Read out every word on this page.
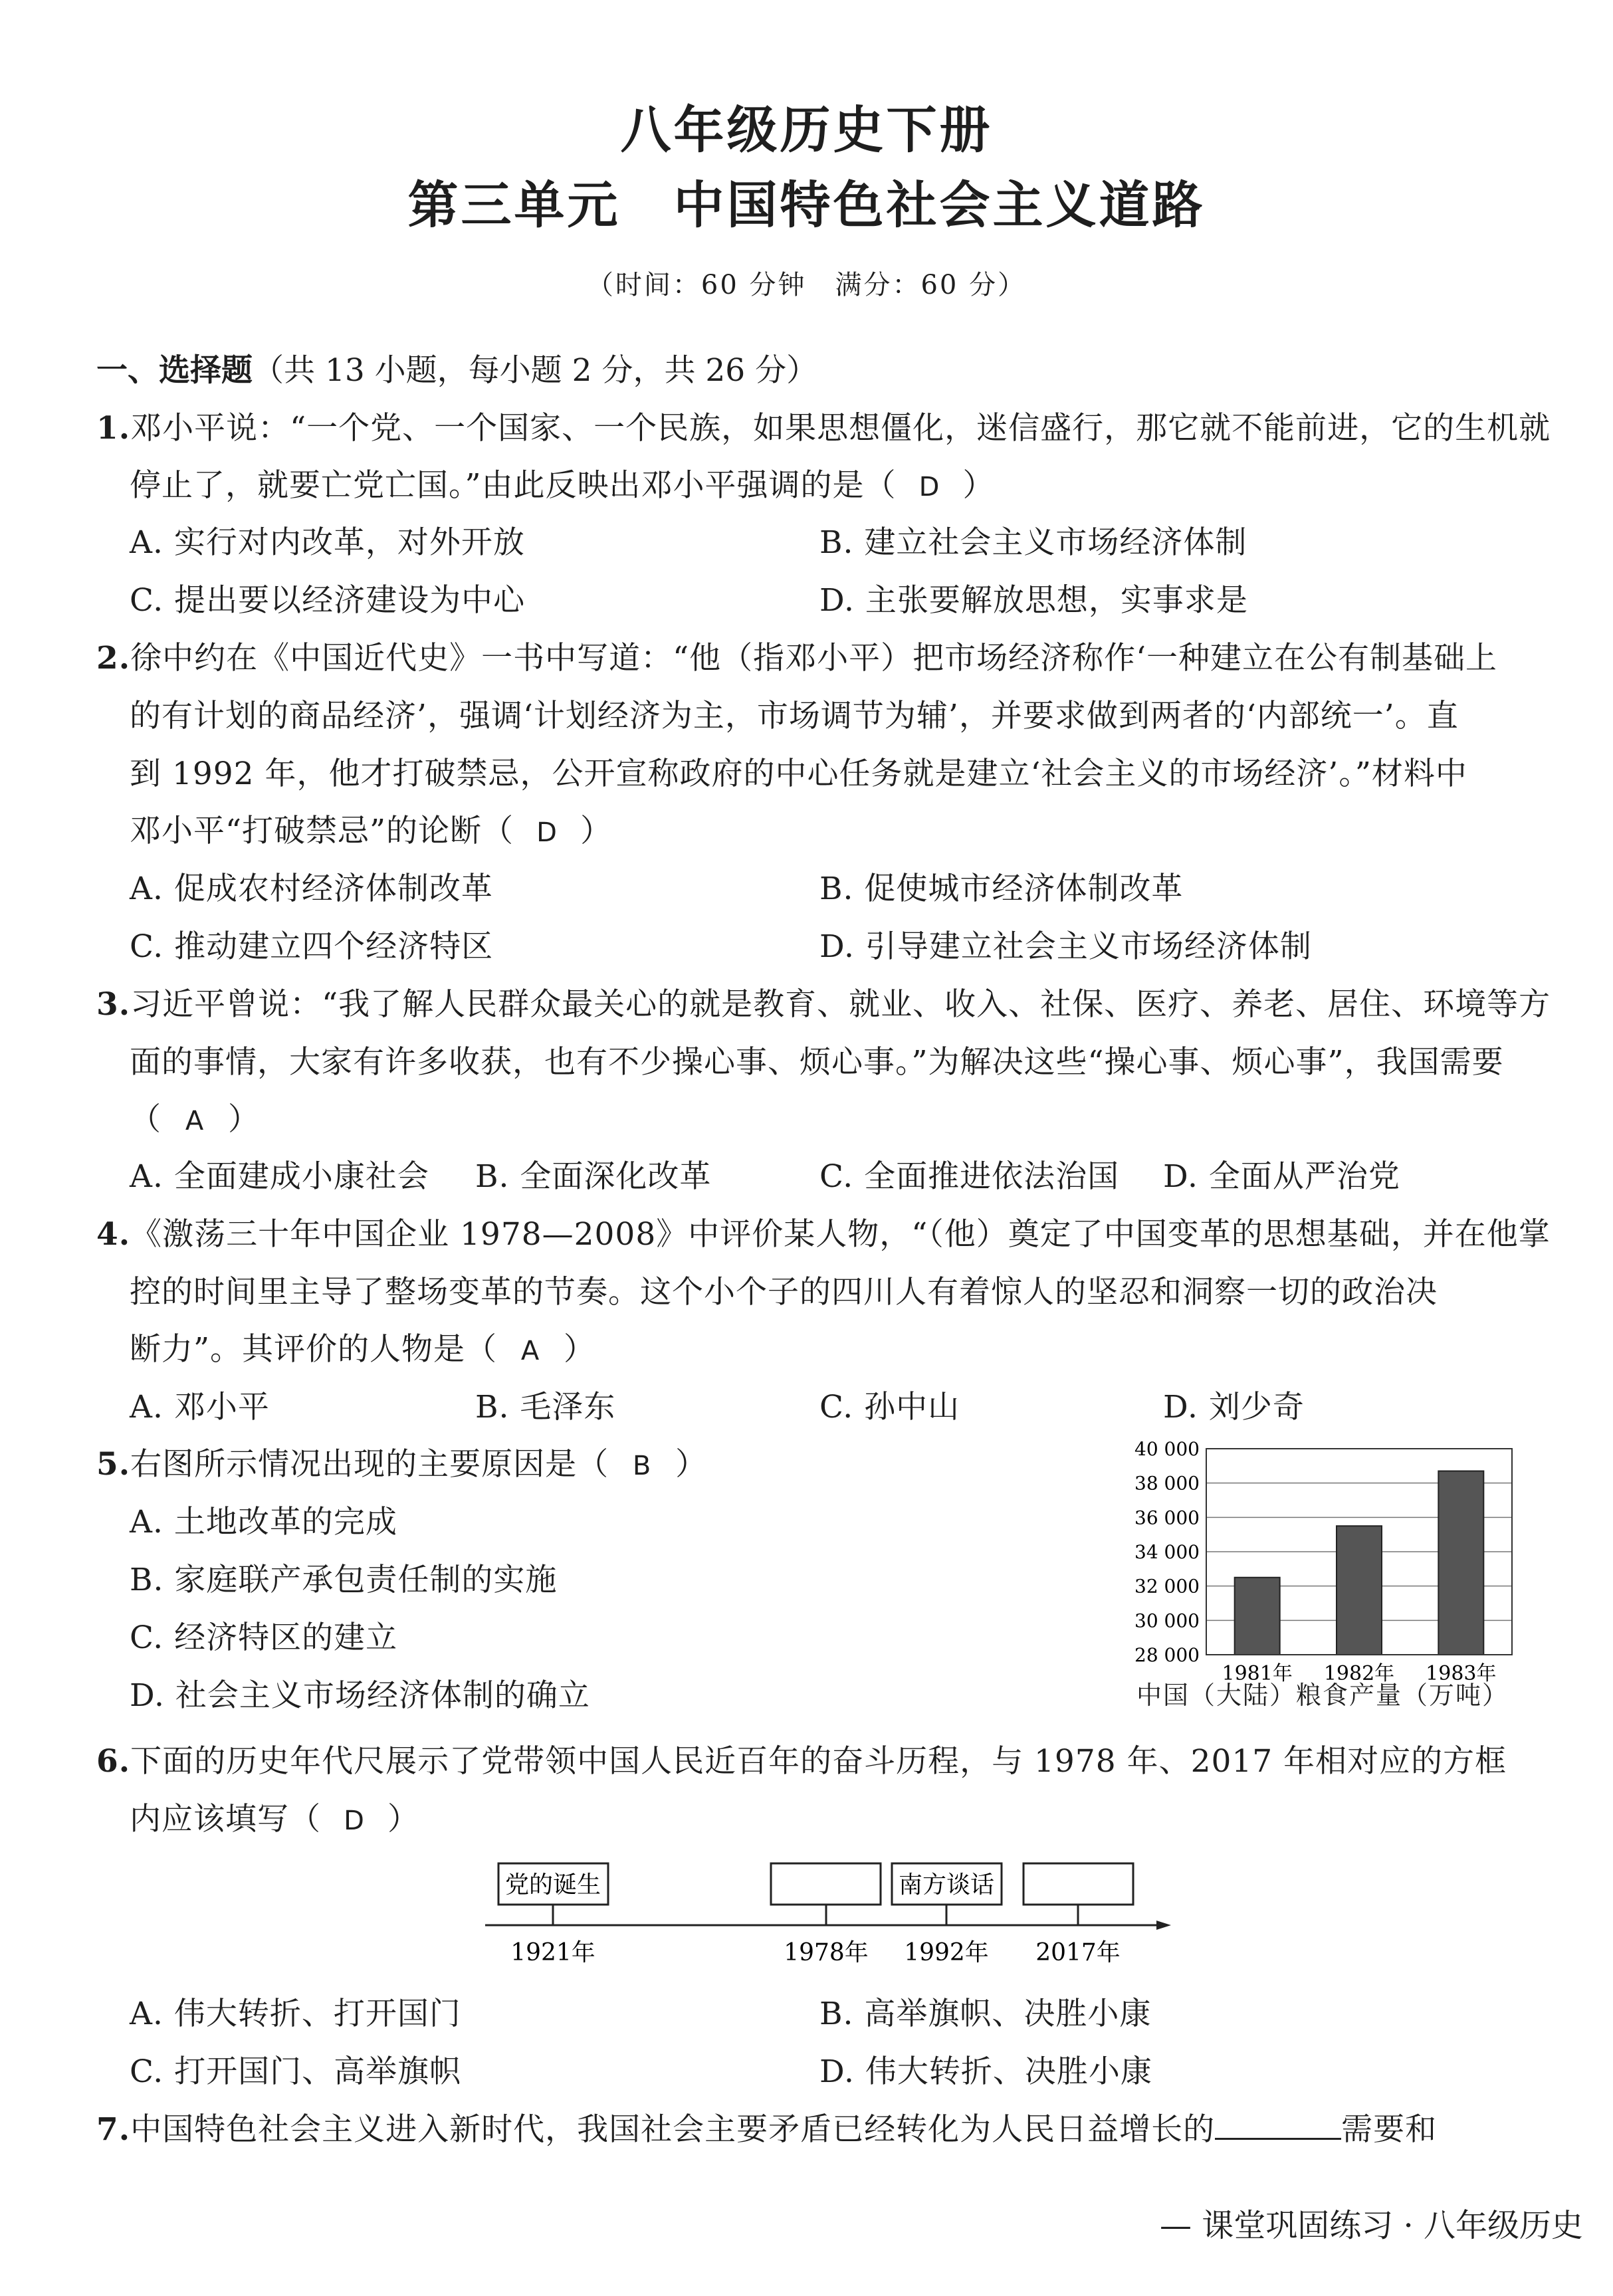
八年级历史下册
第三单元　中国特色社会主义道路
（时间：60 分钟　满分：60 分）
一、选择题（共 13 小题，每小题 2 分，共 26 分）
1.邓小平说：“一个党、一个国家、一个民族，如果思想僵化，迷信盛行，那它就不能前进，它的生机就
停止了，就要亡党亡国。”由此反映出邓小平强调的是（ D ）
A. 实行对内改革，对外开放	B. 建立社会主义市场经济体制
C. 提出要以经济建设为中心	D. 主张要解放思想，实事求是
2.徐中约在《中国近代史》一书中写道：“他（指邓小平）把市场经济称作‘一种建立在公有制基础上
的有计划的商品经济’，强调‘计划经济为主，市场调节为辅’，并要求做到两者的‘内部统一’。直
到 1992 年，他才打破禁忌，公开宣称政府的中心任务就是建立‘社会主义的市场经济’。”材料中
邓小平“打破禁忌”的论断（ D ）
A. 促成农村经济体制改革	B. 促使城市经济体制改革
C. 推动建立四个经济特区	D. 引导建立社会主义市场经济体制
3.习近平曾说：“我了解人民群众最关心的就是教育、就业、收入、社保、医疗、养老、居住、环境等方
面的事情，大家有许多收获，也有不少操心事、烦心事。”为解决这些“操心事、烦心事”，我国需要
（ A ）
A. 全面建成小康社会 B. 全面深化改革	C. 全面推进依法治国 D. 全面从严治党
4.《激荡三十年中国企业 1978—2008》中评价某人物，“（他）奠定了中国变革的思想基础，并在他掌
控的时间里主导了整场变革的节奏。这个小个子的四川人有着惊人的坚忍和洞察一切的政治决
断力”。其评价的人物是（ A ）
A. 邓小平	B. 毛泽东	C. 孙中山	D. 刘少奇
5.右图所示情况出现的主要原因是（ B ）
A. 土地改革的完成
B. 家庭联产承包责任制的实施
C. 经济特区的建立
D. 社会主义市场经济体制的确立
28 000
30 000
32 000
34 000
36 000
38 000
40 000
1981年 1982年 1983年
中国（大陆）粮食产量（万吨）
6.下面的历史年代尺展示了党带领中国人民近百年的奋斗历程，与 1978 年、2017 年相对应的方框
内应该填写（ D ）
党的诞生	南方谈话
1921年	1978年 1992年 2017年
A. 伟大转折、打开国门	B. 高举旗帜、决胜小康
C. 打开国门、高举旗帜	D. 伟大转折、决胜小康
7.中国特色社会主义进入新时代，我国社会主要矛盾已经转化为人民日益增长的	需要和
— 课堂巩固练习 · 八年级历史
